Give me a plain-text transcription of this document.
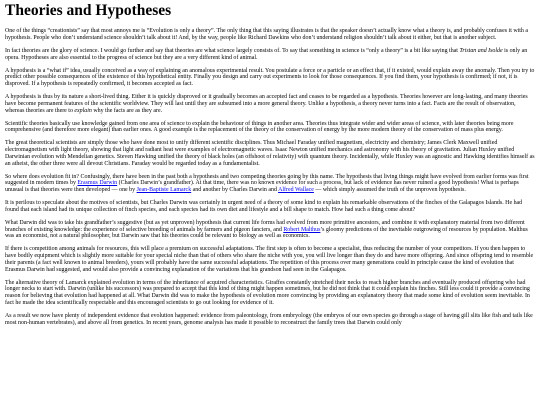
Theories and Hypotheses

One of the things “creationists” say that most annoys me is “Evolution is only a theory”. The only thing that this saying illustrates is that the speaker doesn’t actually know what a theory is, and probably confuses it with a hypothesis. People who don’t understand science shouldn’t talk about it! And, by the way, people like Richard Dawkins who don’t understand religion shouldn’t talk about it either, but that is another subject.

In fact theories are the glory of science. I would go further and say that theories are what science largely consists of. To say that something in science is “only a theory” is a bit like saying that Tristan and Isolde is only an opera. Hypotheses are also essential to the progress of science but they are a very different kind of animal.

A hypothesis is a “what if” idea, usually conceived as a way of explaining an anomalous experimental result. You postulate a force or a particle or an effect that, if it existed, would explain away the anomaly. Then you try to predict other possible consequences of the existence of this hypothetical entity. Finally you design and carry out experiments to look for those consequences. If you find them, your hypothesis is confirmed; if not, it is disproved. If a hypothesis is repeatedly confirmed, it becomes accepted as fact.

A hypothesis is thus by its nature a short-lived thing. Either it is quickly disproved or it gradually becomes an accepted fact and ceases to be regarded as a hypothesis. Theories however are long-lasting, and many theories have become permanent features of the scientific worldview. They will last until they are subsumed into a more general theory. Unlike a hypothesis, a theory never turns into a fact. Facts are the result of observation, whereas theories are there to explain why the facts are as they are.

Scientific theories basically use knowledge gained from one area of science to explain the behaviour of things in another area. Theories thus integrate wider and wider areas of science, with later theories being more comprehensive (and therefore more elegant) than earlier ones. A good example is the replacement of the theory of the conservation of energy by the more modern theory of the conservation of mass plus energy.

The great theoretical scientists are simply those who have done most to unify different scientific disciplines. Thus Michael Faraday unified magnetism, electricity and chemistry; James Clerk Maxwell unified electromagnetism with light theory, showing that light and radiant heat were examples of electromagnetic waves. Isaac Newton unified mechanics and astronomy with his theory of gravitation. Julian Huxley unified Darwinian evolution with Mendelian genetics. Steven Hawking unified the theory of black holes (an offshoot of relativity) with quantum theory. Incidentally, while Huxley was an agnostic and Hawking identifies himself as an atheist, the other three were all devout Christians. Faraday would be regarded today as a fundamentalist.

So where does evolution fit in? Confusingly, there have been in the past both a hypothesis and two competing theories going by this name. The hypothesis that living things might have evolved from earlier forms was first suggested in modern times by Erasmus Darwin (Charles Darwin’s grandfather). At that time, there was no known evidence for such a process, but lack of evidence has never ruined a good hypothesis! What is perhaps unusual is that theories were then developed — one by Jean-Baptiste Lamarck and another by Charles Darwin and Alfred Wallace — which simply assumed the truth of the unproven hypothesis.

It is perilous to speculate about the motives of scientists, but Charles Darwin was certainly in urgent need of a theory of some kind to explain his remarkable observations of the finches of the Galapagos Islands. He had found that each island had its unique collection of finch species, and each species had its own diet and lifestyle and a bill shape to match. How had such a thing come about?

What Darwin did was to take his grandfather’s suggestive (but as yet unproven) hypothesis that current life forms had evolved from more primitive ancestors, and combine it with explanatory material from two different branches of existing knowledge: the experience of selective breeding of animals by farmers and pigeon fanciers, and Robert Malthus’s gloomy predictions of the inevitable outgrowing of resources by population. Malthus was an economist, not a natural philosopher, but Darwin saw that his theories could be relevant to biology as well as economics.

If there is competition among animals for resources, this will place a premium on successful adaptations. The first step is often to become a specialist, thus reducing the number of your competitors. If you then happen to have bodily equipment which is slightly more suitable for your special niche than that of others who share the niche with you, you will live longer than they do and have more offspring. And since offspring tend to resemble their parents (a fact well known to animal breeders), yours will probably have the same successful adaptations. The repetition of this process over many generations could in principle cause the kind of evolution that Erasmus Darwin had suggested, and would also provide a convincing explanation of the variations that his grandson had seen in the Galapagos.

The alternative theory of Lamarck explained evolution in terms of the inheritance of acquired characteristics. Giraffes constantly stretched their necks to reach higher branches and eventually produced offspring who had longer necks to start with. Darwin (unlike his successors) was prepared to accept that this kind of thing might happen sometimes, but he did not think that it could explain his finches. Still less could it provide a convincing reason for believing that evolution had happened at all. What Darwin did was to make the hypothesis of evolution more convincing by providing an explanatory theory that made some kind of evolution seem inevitable. In fact he made the idea scientifically respectable and this encouraged scientists to go out looking for evidence of it.

As a result we now have plenty of independent evidence that evolution happened: evidence from paleontology, from embryology (the embryos of our own species go through a stage of having gill slits like fish and tails like most non-human vertebrates), and above all from genetics. In recent years, genome analysis has made it possible to reconstruct the family trees that Darwin could only
